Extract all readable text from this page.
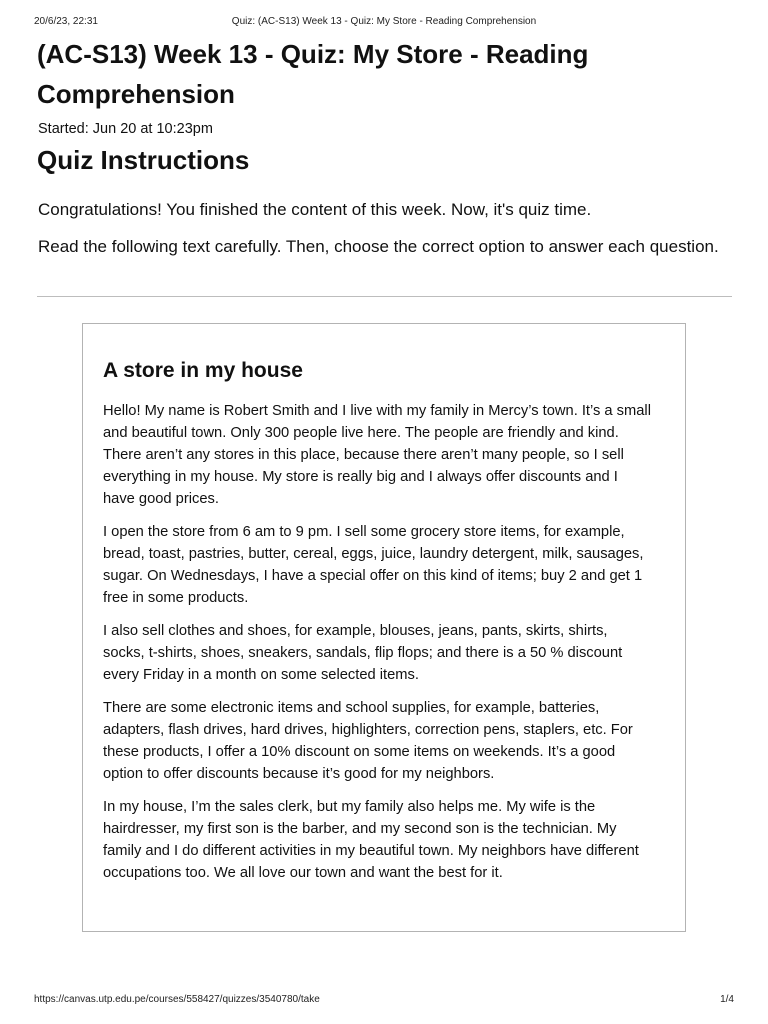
20/6/23, 22:31	Quiz: (AC-S13) Week 13 - Quiz: My Store - Reading Comprehension
(AC-S13) Week 13 - Quiz: My Store - Reading Comprehension
Started: Jun 20 at 10:23pm
Quiz Instructions

Congratulations! You finished the content of this week. Now, it's quiz time.

Read the following text carefully. Then, choose the correct option to answer each question.

A store in my house

Hello! My name is Robert Smith and I live with my family in Mercy’s town. It’s a small and beautiful town. Only 300 people live here. The people are friendly and kind. There aren’t any stores in this place, because there aren’t many people, so I sell everything in my house. My store is really big and I always offer discounts and I have good prices.

I open the store from 6 am to 9 pm. I sell some grocery store items, for example, bread, toast, pastries, butter, cereal, eggs, juice, laundry detergent, milk, sausages, sugar. On Wednesdays, I have a special offer on this kind of items; buy 2 and get 1 free in some products.

I also sell clothes and shoes, for example, blouses, jeans, pants, skirts, shirts, socks, t-shirts, shoes, sneakers, sandals, flip flops; and there is a 50 % discount every Friday in a month on some selected items.

There are some electronic items and school supplies, for example, batteries, adapters, flash drives, hard drives, highlighters, correction pens, staplers, etc. For these products, I offer a 10% discount on some items on weekends. It’s a good option to offer discounts because it’s good for my neighbors.

In my house, I’m the sales clerk, but my family also helps me. My wife is the hairdresser, my first son is the barber, and my second son is the technician. My family and I do different activities in my beautiful town. My neighbors have different occupations too. We all love our town and want the best for it.

https://canvas.utp.edu.pe/courses/558427/quizzes/3540780/take	1/4
